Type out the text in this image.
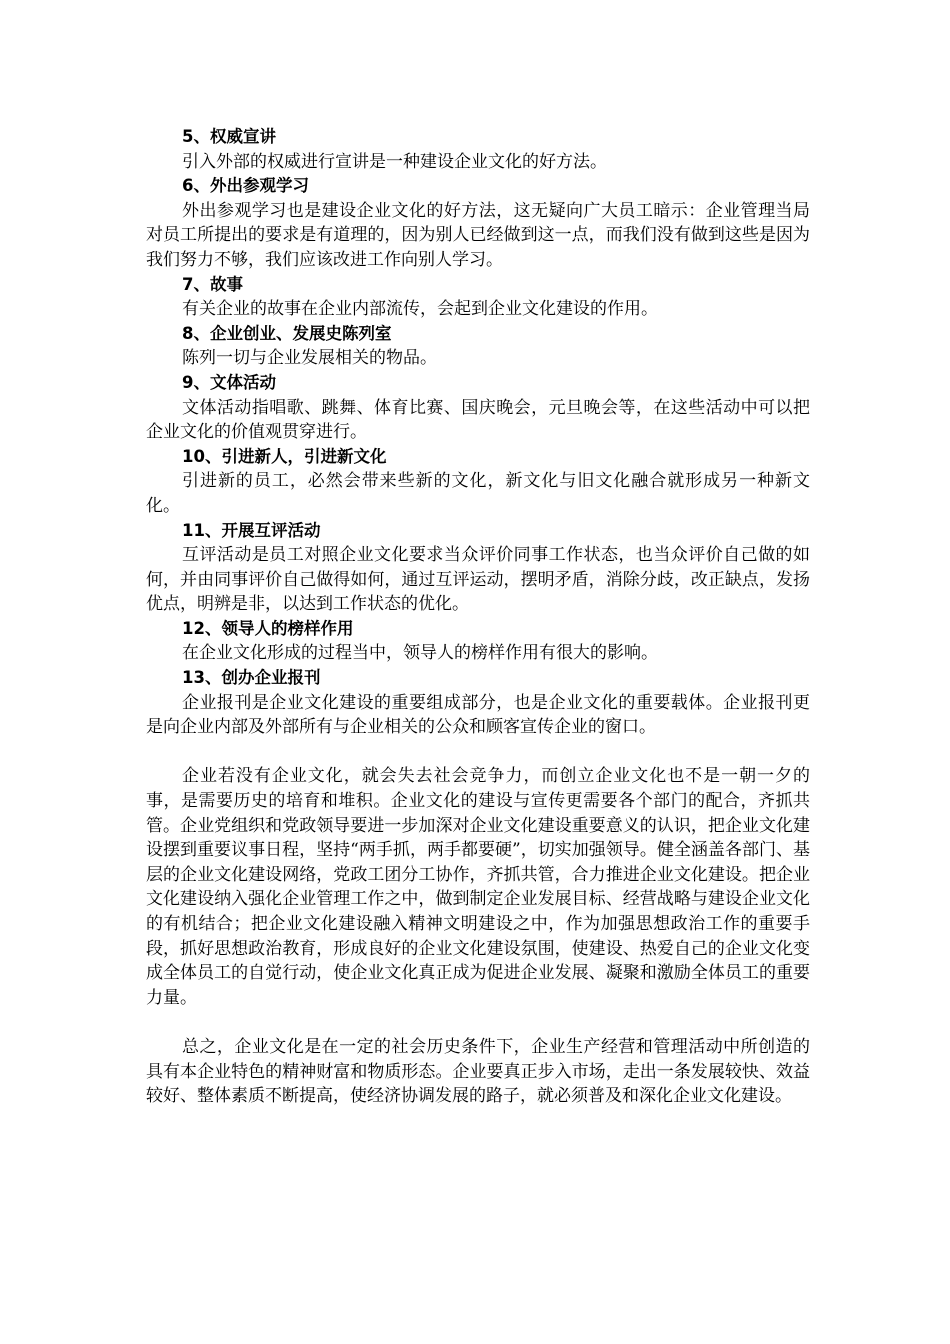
5、权威宣讲

引入外部的权威进行宣讲是一种建设企业文化的好方法。

6、外出参观学习

外出参观学习也是建设企业文化的好方法，这无疑向广大员工暗示：企业管理当局对员工所提出的要求是有道理的，因为别人已经做到这一点，而我们没有做到这些是因为我们努力不够，我们应该改进工作向别人学习。

7、故事

有关企业的故事在企业内部流传，会起到企业文化建设的作用。

8、企业创业、发展史陈列室

陈列一切与企业发展相关的物品。

9、文体活动

文体活动指唱歌、跳舞、体育比赛、国庆晚会，元旦晚会等，在这些活动中可以把企业文化的价值观贯穿进行。

10、引进新人，引进新文化

引进新的员工，必然会带来些新的文化，新文化与旧文化融合就形成另一种新文化。

11、开展互评活动

互评活动是员工对照企业文化要求当众评价同事工作状态，也当众评价自己做的如何，并由同事评价自己做得如何，通过互评运动，摆明矛盾，消除分歧，改正缺点，发扬优点，明辨是非，以达到工作状态的优化。

12、领导人的榜样作用

在企业文化形成的过程当中，领导人的榜样作用有很大的影响。

13、创办企业报刊

企业报刊是企业文化建设的重要组成部分，也是企业文化的重要载体。企业报刊更是向企业内部及外部所有与企业相关的公众和顾客宣传企业的窗口。

企业若没有企业文化，就会失去社会竞争力，而创立企业文化也不是一朝一夕的事，是需要历史的培育和堆积。企业文化的建设与宣传更需要各个部门的配合，齐抓共管。企业党组织和党政领导要进一步加深对企业文化建设重要意义的认识，把企业文化建设摆到重要议事日程，坚持“两手抓，两手都要硬”，切实加强领导。健全涵盖各部门、基层的企业文化建设网络，党政工团分工协作，齐抓共管，合力推进企业文化建设。把企业文化建设纳入强化企业管理工作之中，做到制定企业发展目标、经营战略与建设企业文化的有机结合；把企业文化建设融入精神文明建设之中，作为加强思想政治工作的重要手段，抓好思想政治教育，形成良好的企业文化建设氛围，使建设、热爱自己的企业文化变成全体员工的自觉行动，使企业文化真正成为促进企业发展、凝聚和激励全体员工的重要力量。

总之，企业文化是在一定的社会历史条件下，企业生产经营和管理活动中所创造的具有本企业特色的精神财富和物质形态。企业要真正步入市场，走出一条发展较快、效益较好、整体素质不断提高，使经济协调发展的路子，就必须普及和深化企业文化建设。
